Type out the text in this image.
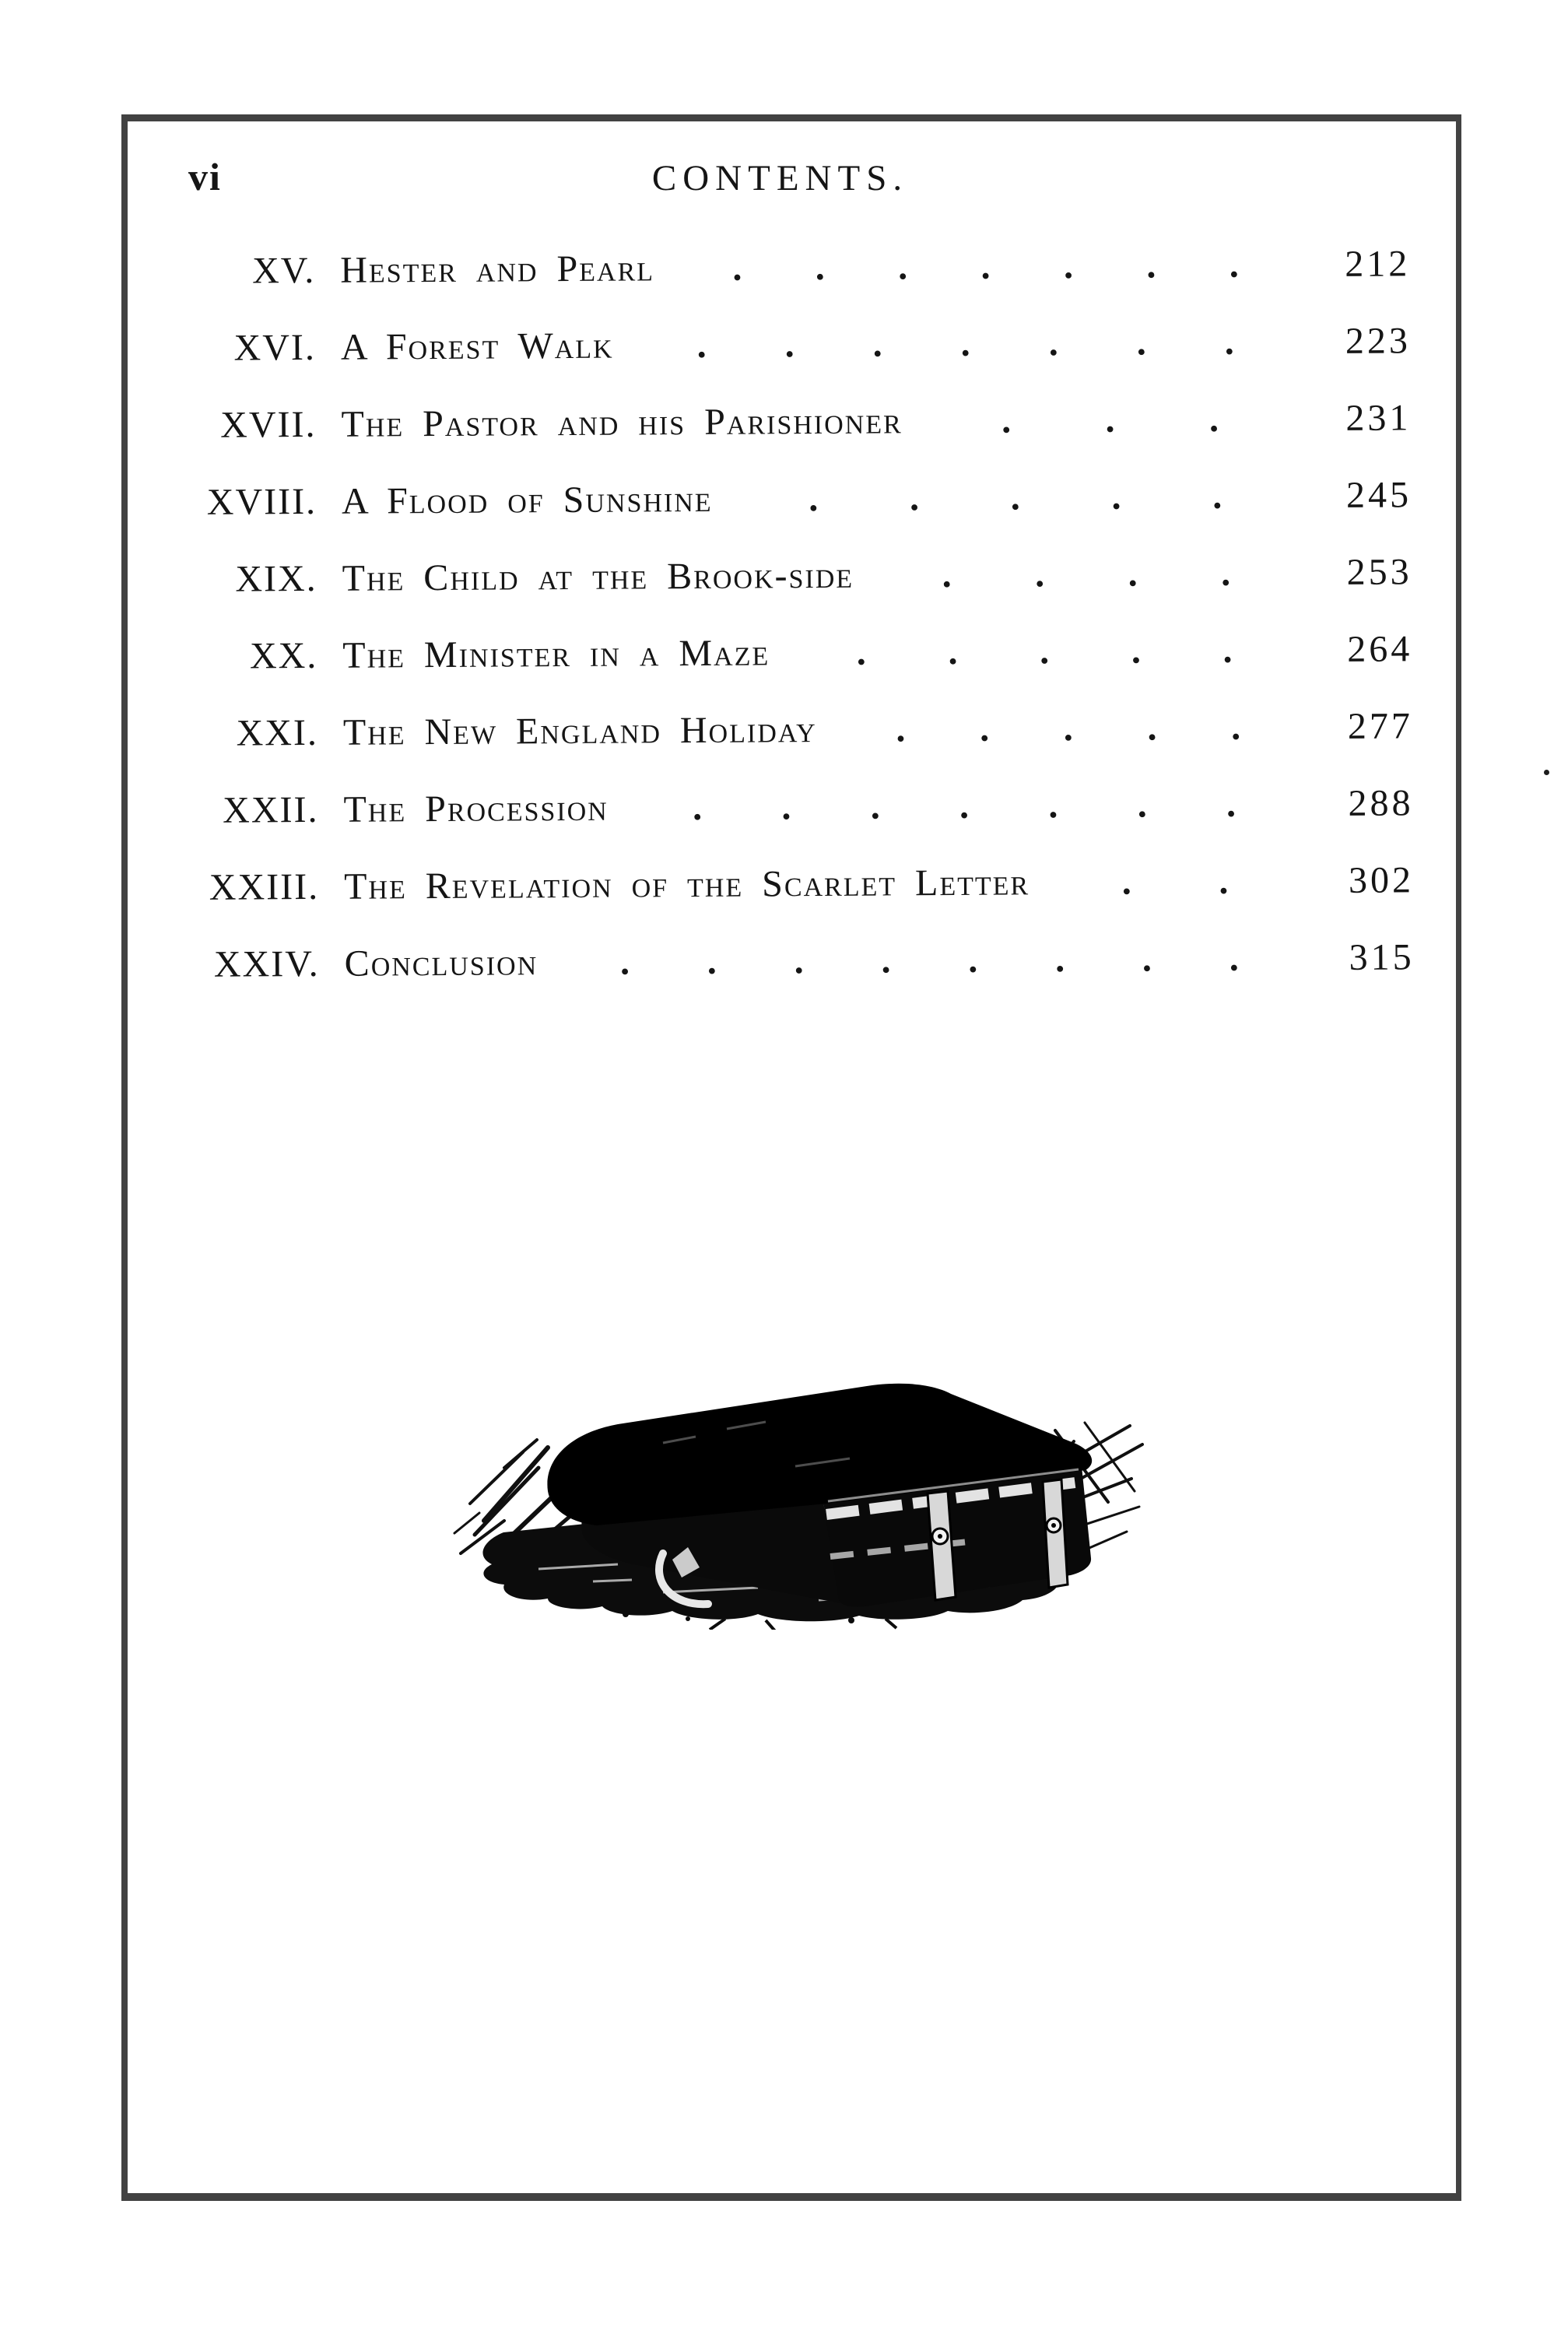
vi	CONTENTS.
XV. Hester and Pearl . . . . . . .	212
XVI. A Forest Walk . . . . . . .	223
XVII. The Pastor and his Parishioner	.	.	.	231
XVIII. A Flood of Sunshine	. . . . .	245
XIX. The Child at the Brook-side . . . .	253
XX. The Minister in a Maze . . . . .	264
XXI. The New England Holiday . . . . .	277
XXII. The Procession . . . . . . .	288
XXIII. The Revelation of the Scarlet Letter . .	302
XXIV. Conclusion . . . . . . . .	315
